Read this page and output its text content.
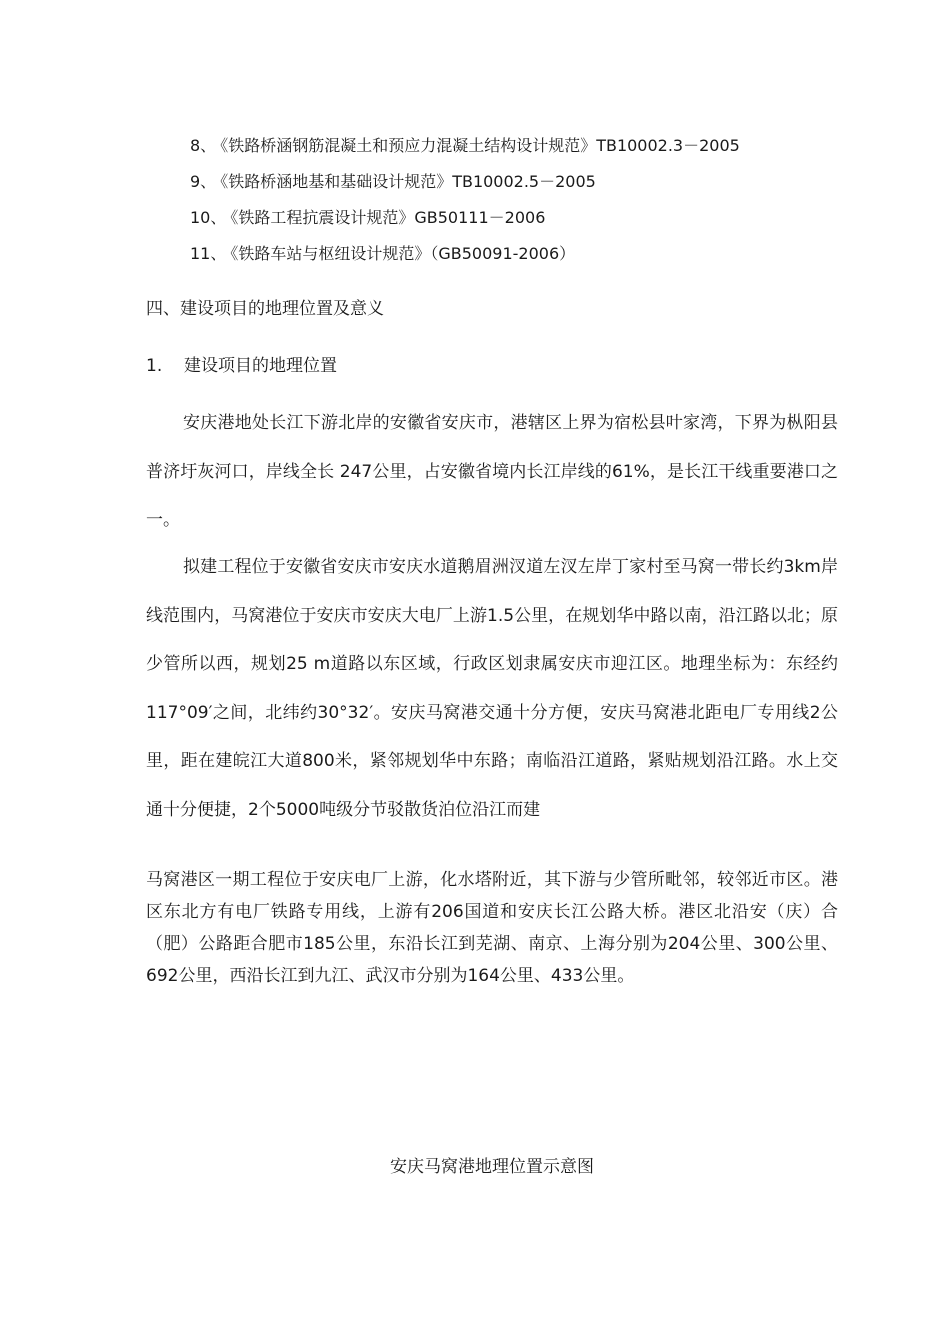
8、 《铁路桥涵钢筋混凝土和预应力混凝土结构设计规范》TB10002.3－2005
9、 《铁路桥涵地基和基础设计规范》TB10002.5－2005
10、 《铁路工程抗震设计规范》GB50111－2006
11、 《铁路车站与枢纽设计规范》（GB50091-2006）
四、建设项目的地理位置及意义
1. 建设项目的地理位置

安庆港地处长江下游北岸的安徽省安庆市，港辖区上界为宿松县叶家湾，下界为枞阳县普济圩灰河口，岸线全长 247公里，占安徽省境内长江岸线的61%，是长江干线重要港口之一。

拟建工程位于安徽省安庆市安庆水道鹅眉洲汊道左汊左岸丁家村至马窝一带长约3km岸线范围内，马窝港位于安庆市安庆大电厂上游1.5公里，在规划华中路以南，沿江路以北；原少管所以西，规划25 m道路以东区域，行政区划隶属安庆市迎江区。地理坐标为：东经约117°09′之间，北纬约30°32′。安庆马窝港交通十分方便，安庆马窝港北距电厂专用线2公里，距在建皖江大道800米，紧邻规划华中东路；南临沿江道路，紧贴规划沿江路。水上交通十分便捷，2个5000吨级分节驳散货泊位沿江而建

马窝港区一期工程位于安庆电厂上游，化水塔附近，其下游与少管所毗邻，较邻近市区。港区东北方有电厂铁路专用线，上游有206国道和安庆长江公路大桥。港区北沿安（庆）合（肥）公路距合肥市185公里，东沿长江到芜湖、南京、上海分别为204公里、300公里、692公里，西沿长江到九江、武汉市分别为164公里、433公里。

安庆马窝港地理位置示意图
